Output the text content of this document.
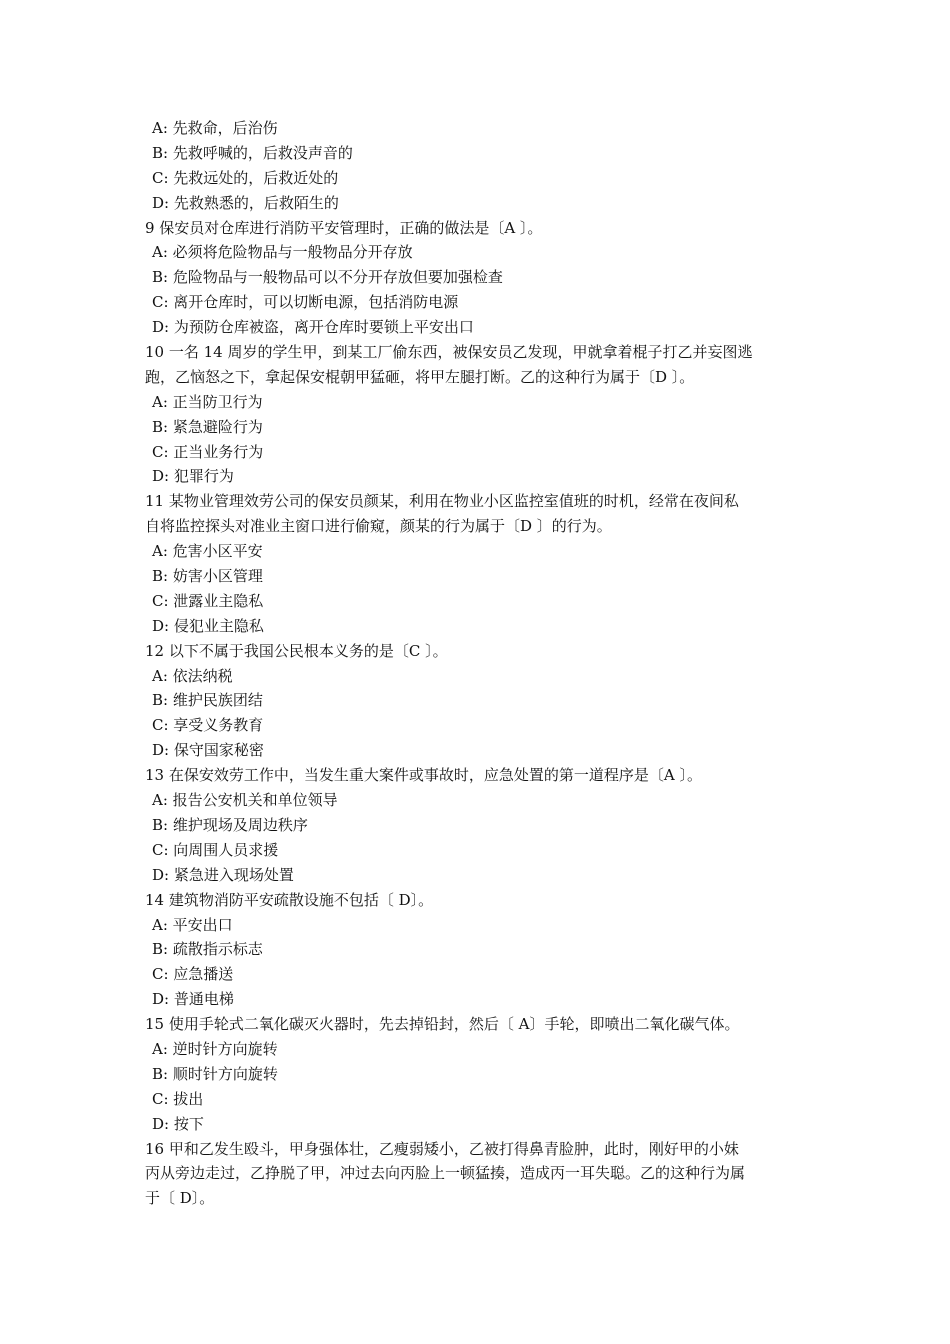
A: 先救命，后治伤
B: 先救呼喊的，后救没声音的
C: 先救远处的，后救近处的
D: 先救熟悉的，后救陌生的
9 保安员对仓库进行消防平安管理时，正确的做法是〔A 〕。
A: 必须将危险物品与一般物品分开存放
B: 危险物品与一般物品可以不分开存放但要加强检查
C: 离开仓库时，可以切断电源，包括消防电源
D: 为预防仓库被盗，离开仓库时要锁上平安出口
10 一名 14 周岁的学生甲，到某工厂偷东西，被保安员乙发现，甲就拿着棍子打乙并妄图逃
跑，乙恼怒之下，拿起保安棍朝甲猛砸，将甲左腿打断。乙的这种行为属于〔D 〕。
A: 正当防卫行为
B: 紧急避险行为
C: 正当业务行为
D: 犯罪行为
11 某物业管理效劳公司的保安员颜某，利用在物业小区监控室值班的时机，经常在夜间私
自将监控探头对准业主窗口进行偷窥，颜某的行为属于〔D 〕的行为。
A: 危害小区平安
B: 妨害小区管理
C: 泄露业主隐私
D: 侵犯业主隐私
12 以下不属于我国公民根本义务的是〔C 〕。
A: 依法纳税
B: 维护民族团结
C: 享受义务教育
D: 保守国家秘密
13 在保安效劳工作中，当发生重大案件或事故时，应急处置的第一道程序是〔A 〕。
A: 报告公安机关和单位领导
B: 维护现场及周边秩序
C: 向周围人员求援
D: 紧急进入现场处置
14 建筑物消防平安疏散设施不包括〔 D〕。
A: 平安出口
B: 疏散指示标志
C: 应急播送
D: 普通电梯
15 使用手轮式二氧化碳灭火器时，先去掉铅封，然后〔 A〕手轮，即喷出二氧化碳气体。
A: 逆时针方向旋转
B: 顺时针方向旋转
C: 拔出
D: 按下
16 甲和乙发生殴斗，甲身强体壮，乙瘦弱矮小，乙被打得鼻青脸肿，此时，刚好甲的小妹
丙从旁边走过，乙挣脱了甲，冲过去向丙脸上一顿猛揍，造成丙一耳失聪。乙的这种行为属
于〔 D〕。
